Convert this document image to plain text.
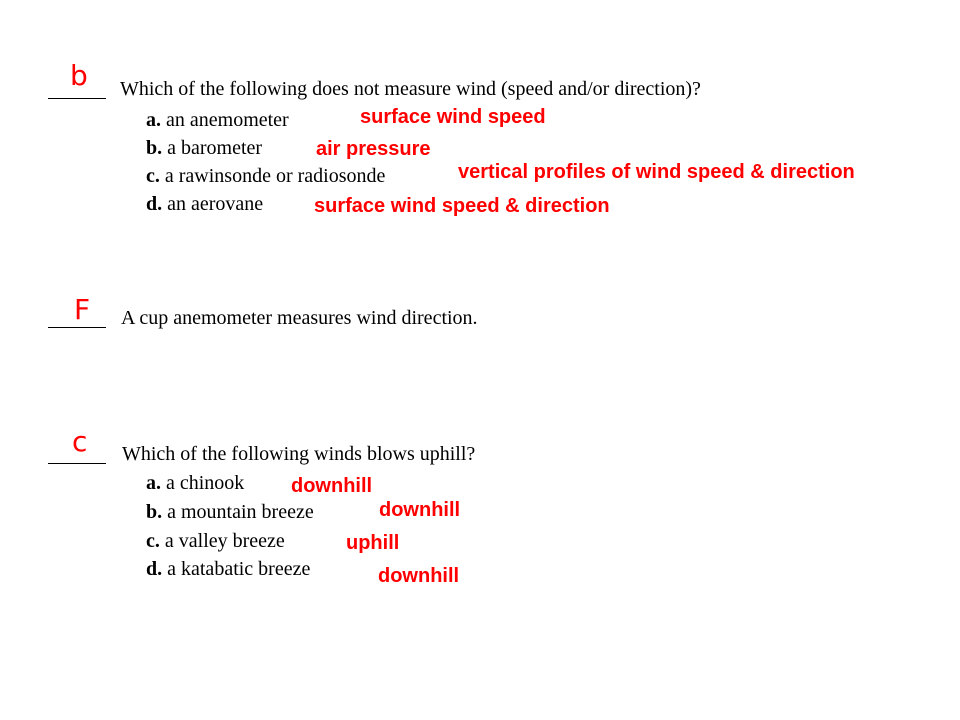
b Which of the following does not measure wind (speed and/or direction)?
a. an anemometer	surface wind speed
b. a barometer	air pressure
c. a rawinsonde or radiosonde	vertical profiles of wind speed & direction
d. an aerovane	surface wind speed & direction
F A cup anemometer measures wind direction.
c Which of the following winds blows uphill?
a. a chinook downhill
b. a mountain breeze	downhill
c. a valley breeze	uphill
d. a katabatic breeze	downhill
